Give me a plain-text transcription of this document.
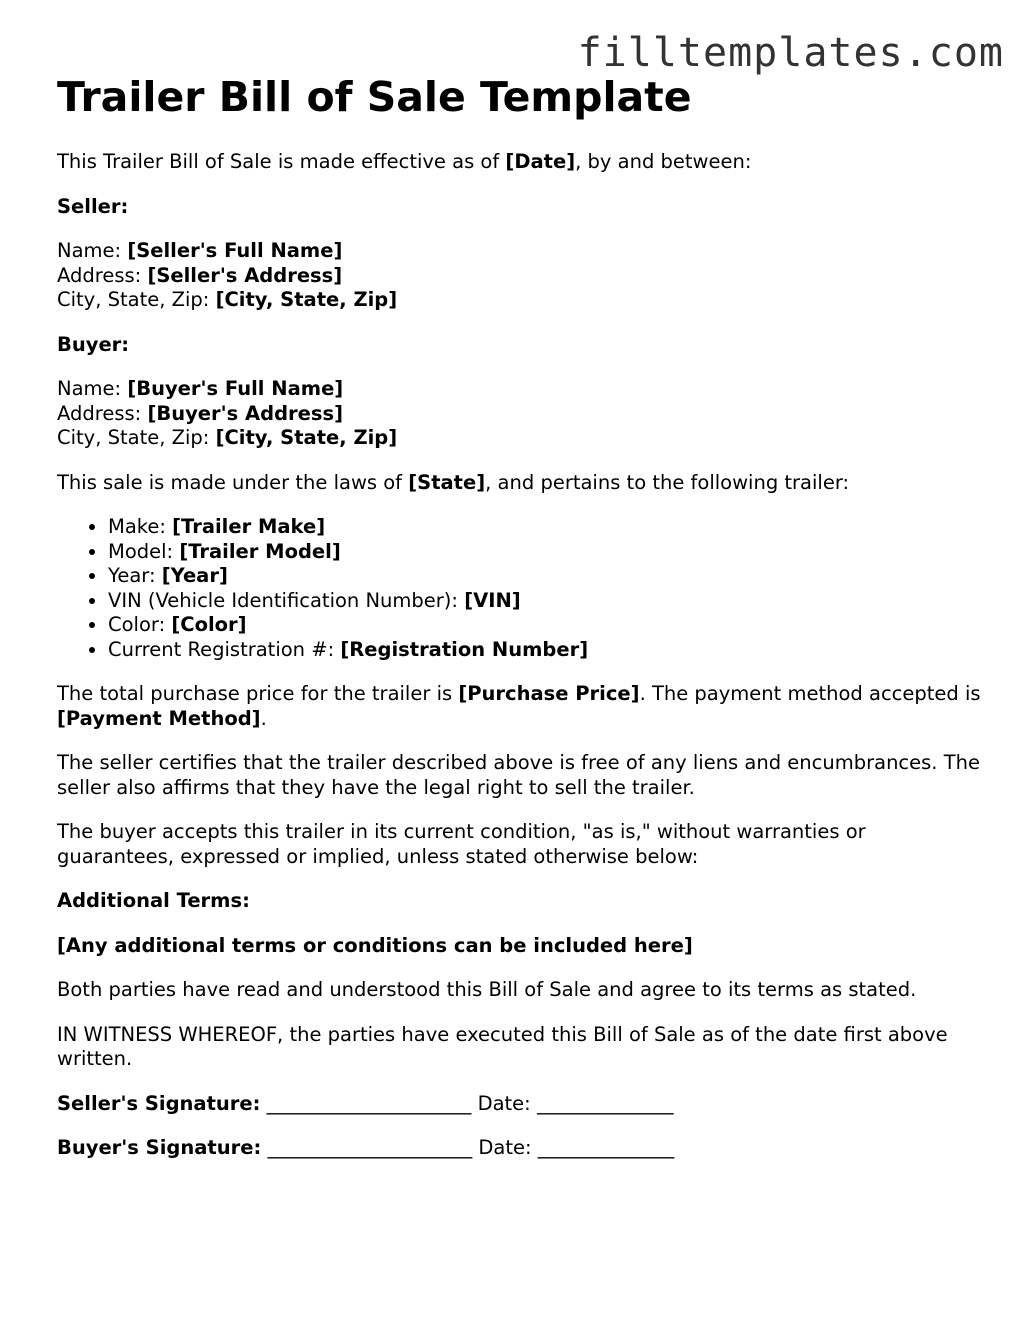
filltemplates.com
Trailer Bill of Sale Template

This Trailer Bill of Sale is made effective as of [Date], by and between:

Seller:

Name: [Seller's Full Name]
Address: [Seller's Address]
City, State, Zip: [City, State, Zip]

Buyer:

Name: [Buyer's Full Name]
Address: [Buyer's Address]
City, State, Zip: [City, State, Zip]

This sale is made under the laws of [State], and pertains to the following trailer:

• Make: [Trailer Make]
• Model: [Trailer Model]
• Year: [Year]
• VIN (Vehicle Identification Number): [VIN]
• Color: [Color]
• Current Registration #: [Registration Number]

The total purchase price for the trailer is [Purchase Price]. The payment method accepted is [Payment Method].

The seller certifies that the trailer described above is free of any liens and encumbrances. The seller also affirms that they have the legal right to sell the trailer.

The buyer accepts this trailer in its current condition, "as is," without warranties or guarantees, expressed or implied, unless stated otherwise below:

Additional Terms:

[Any additional terms or conditions can be included here]

Both parties have read and understood this Bill of Sale and agree to its terms as stated.

IN WITNESS WHEREOF, the parties have executed this Bill of Sale as of the date first above written.

Seller's Signature: _____________________ Date: ______________

Buyer's Signature: _____________________ Date: ______________
